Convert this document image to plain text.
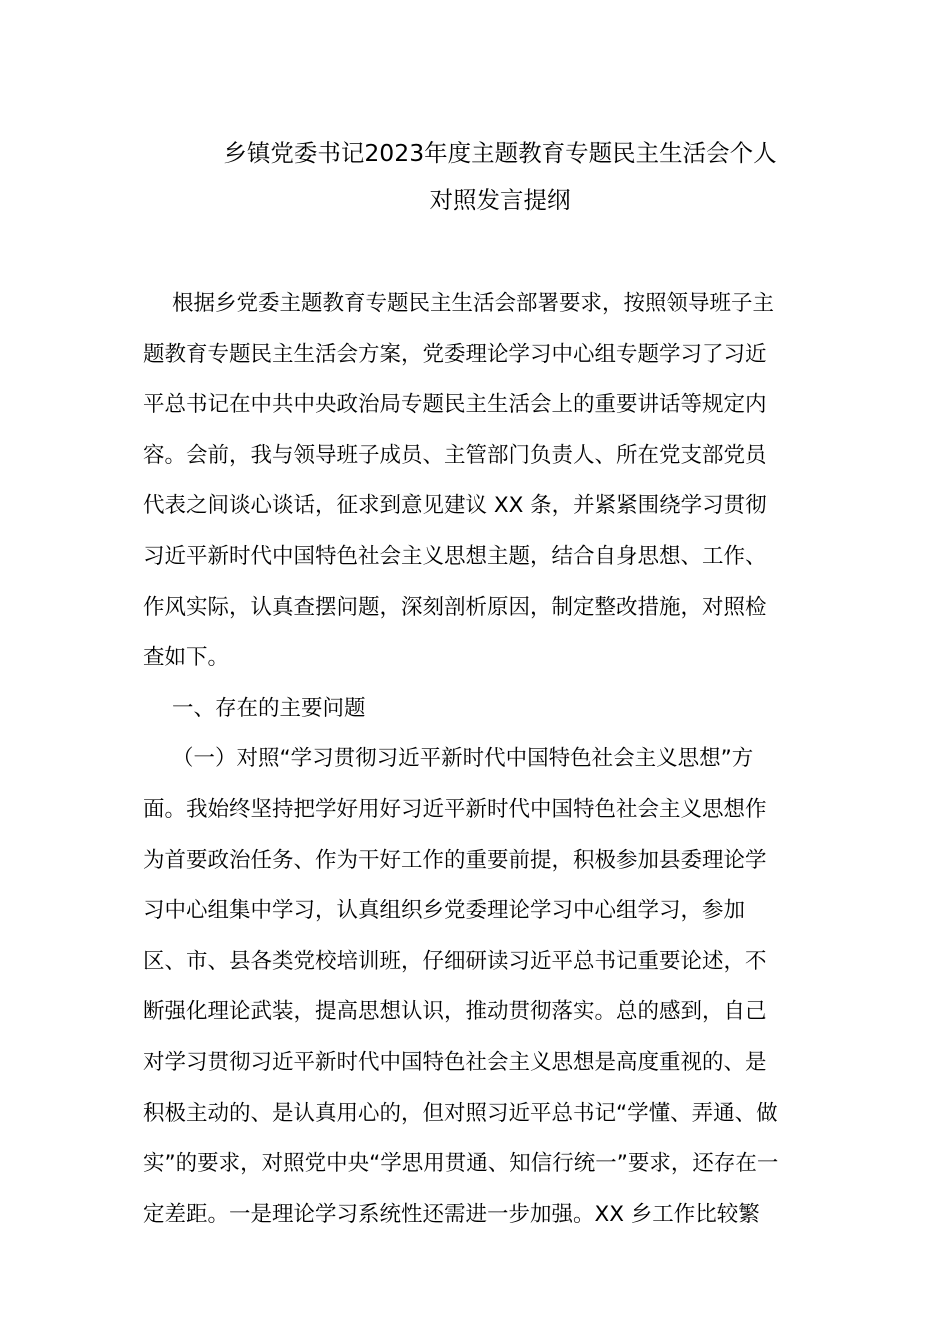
乡镇党委书记2023年度主题教育专题民主生活会个人
对照发言提纲
根据乡党委主题教育专题民主生活会部署要求，按照领导班子主
题教育专题民主生活会方案，党委理论学习中心组专题学习了习近
平总书记在中共中央政治局专题民主生活会上的重要讲话等规定内
容。会前，我与领导班子成员、主管部门负责人、所在党支部党员
代表之间谈心谈话，征求到意见建议 XX 条，并紧紧围绕学习贯彻
习近平新时代中国特色社会主义思想主题，结合自身思想、工作、
作风实际，认真查摆问题，深刻剖析原因，制定整改措施，对照检
查如下。
一、存在的主要问题
（一）对照“学习贯彻习近平新时代中国特色社会主义思想”方
面。我始终坚持把学好用好习近平新时代中国特色社会主义思想作
为首要政治任务、作为干好工作的重要前提，积极参加县委理论学
习中心组集中学习，认真组织乡党委理论学习中心组学习，参加
区、市、县各类党校培训班，仔细研读习近平总书记重要论述，不
断强化理论武装，提高思想认识，推动贯彻落实。总的感到，自己
对学习贯彻习近平新时代中国特色社会主义思想是高度重视的、是
积极主动的、是认真用心的，但对照习近平总书记“学懂、弄通、做
实”的要求，对照党中央“学思用贯通、知信行统一”要求，还存在一
定差距。一是理论学习系统性还需进一步加强。XX 乡工作比较繁
